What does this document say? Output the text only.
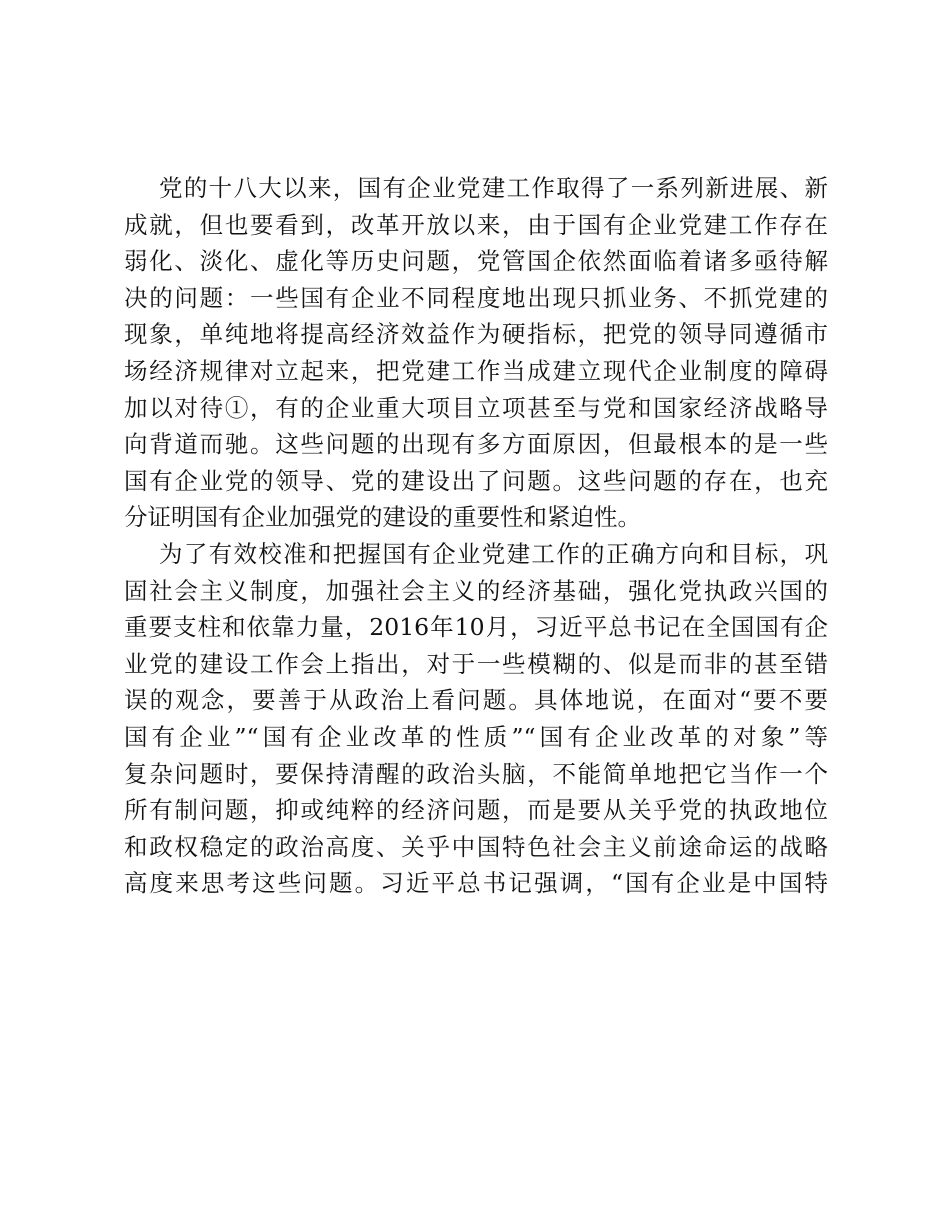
党的十八大以来，国有企业党建工作取得了一系列新进展、新
成就，但也要看到，改革开放以来，由于国有企业党建工作存在
弱化、淡化、虚化等历史问题，党管国企依然面临着诸多亟待解
决的问题：一些国有企业不同程度地出现只抓业务、不抓党建的
现象，单纯地将提高经济效益作为硬指标，把党的领导同遵循市
场经济规律对立起来，把党建工作当成建立现代企业制度的障碍
加以对待①，有的企业重大项目立项甚至与党和国家经济战略导
向背道而驰。这些问题的出现有多方面原因，但最根本的是一些
国有企业党的领导、党的建设出了问题。这些问题的存在，也充
分证明国有企业加强党的建设的重要性和紧迫性。
为了有效校准和把握国有企业党建工作的正确方向和目标，巩
固社会主义制度，加强社会主义的经济基础，强化党执政兴国的
重要支柱和依靠力量，2016年10月，习近平总书记在全国国有企
业党的建设工作会上指出，对于一些模糊的、似是而非的甚至错
误的观念，要善于从政治上看问题。具体地说，在面对“要不要
国有企业”“国有企业改革的性质”“国有企业改革的对象”等
复杂问题时，要保持清醒的政治头脑，不能简单地把它当作一个
所有制问题，抑或纯粹的经济问题，而是要从关乎党的执政地位
和政权稳定的政治高度、关乎中国特色社会主义前途命运的战略
高度来思考这些问题。习近平总书记强调，“国有企业是中国特
